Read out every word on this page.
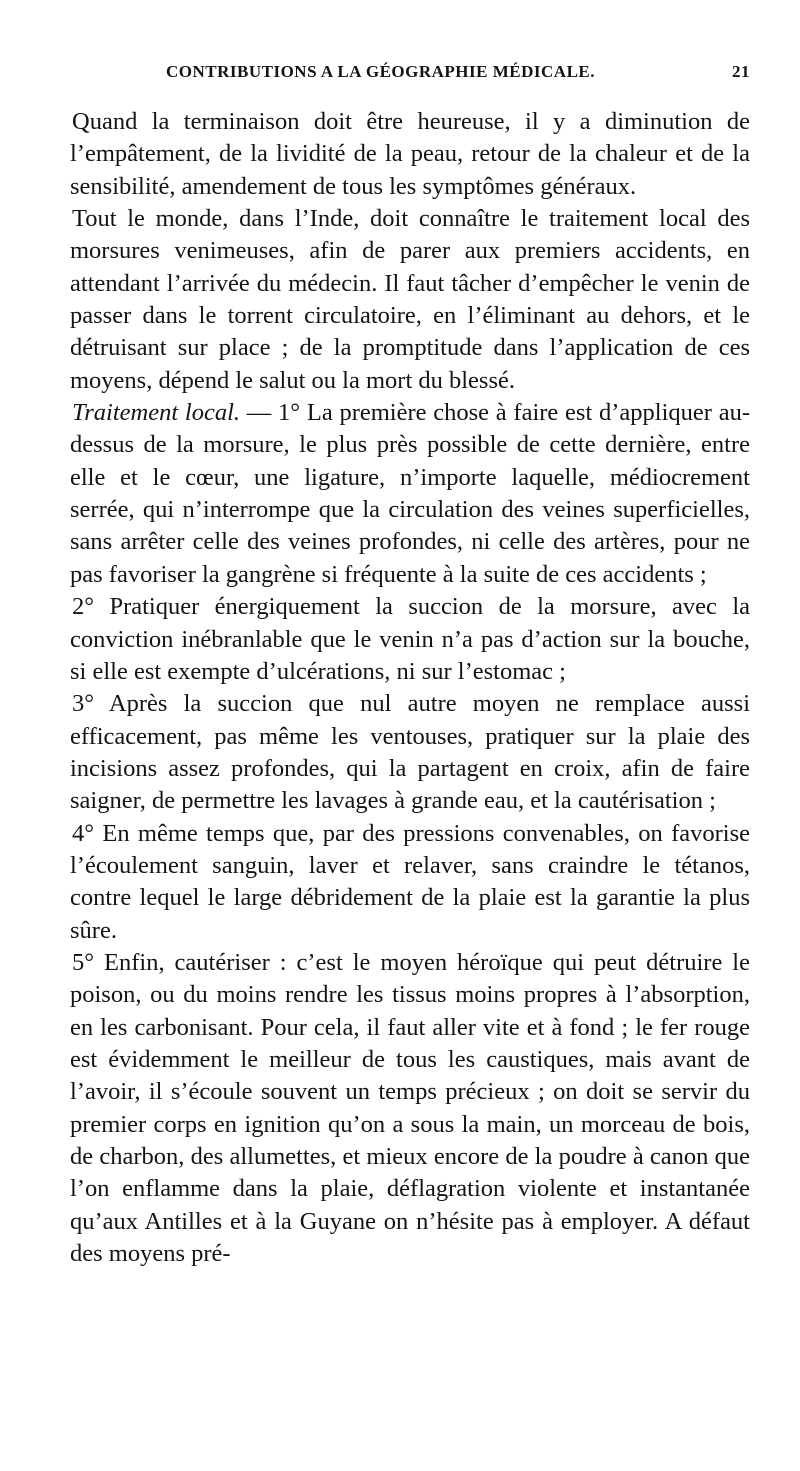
CONTRIBUTIONS A LA GÉOGRAPHIE MÉDICALE.	21

Quand la terminaison doit être heureuse, il y a diminution de l’empâtement, de la lividité de la peau, retour de la chaleur et de la sensibilité, amendement de tous les symptômes généraux.

Tout le monde, dans l’Inde, doit connaître le traitement local des morsures venimeuses, afin de parer aux premiers accidents, en attendant l’arrivée du médecin. Il faut tâcher d’empêcher le venin de passer dans le torrent circulatoire, en l’éliminant au dehors, et le détruisant sur place ; de la promptitude dans l’application de ces moyens, dépend le salut ou la mort du blessé.

Traitement local. — 1° La première chose à faire est d’appliquer au-dessus de la morsure, le plus près possible de cette dernière, entre elle et le cœur, une ligature, n’importe laquelle, médiocrement serrée, qui n’interrompe que la circulation des veines superficielles, sans arrêter celle des veines profondes, ni celle des artères, pour ne pas favoriser la gangrène si fréquente à la suite de ces accidents ;

2° Pratiquer énergiquement la succion de la morsure, avec la conviction inébranlable que le venin n’a pas d’action sur la bouche, si elle est exempte d’ulcérations, ni sur l’estomac ;

3° Après la succion que nul autre moyen ne remplace aussi efficacement, pas même les ventouses, pratiquer sur la plaie des incisions assez profondes, qui la partagent en croix, afin de faire saigner, de permettre les lavages à grande eau, et la cautérisation ;

4° En même temps que, par des pressions convenables, on favorise l’écoulement sanguin, laver et relaver, sans craindre le tétanos, contre lequel le large débridement de la plaie est la garantie la plus sûre.

5° Enfin, cautériser : c’est le moyen héroïque qui peut détruire le poison, ou du moins rendre les tissus moins propres à l’absorption, en les carbonisant. Pour cela, il faut aller vite et à fond ; le fer rouge est évidemment le meilleur de tous les caustiques, mais avant de l’avoir, il s’écoule souvent un temps précieux ; on doit se servir du premier corps en ignition qu’on a sous la main, un morceau de bois, de charbon, des allumettes, et mieux encore de la poudre à canon que l’on enflamme dans la plaie, déflagration violente et instantanée qu’aux Antilles et à la Guyane on n’hésite pas à employer. A défaut des moyens pré-
